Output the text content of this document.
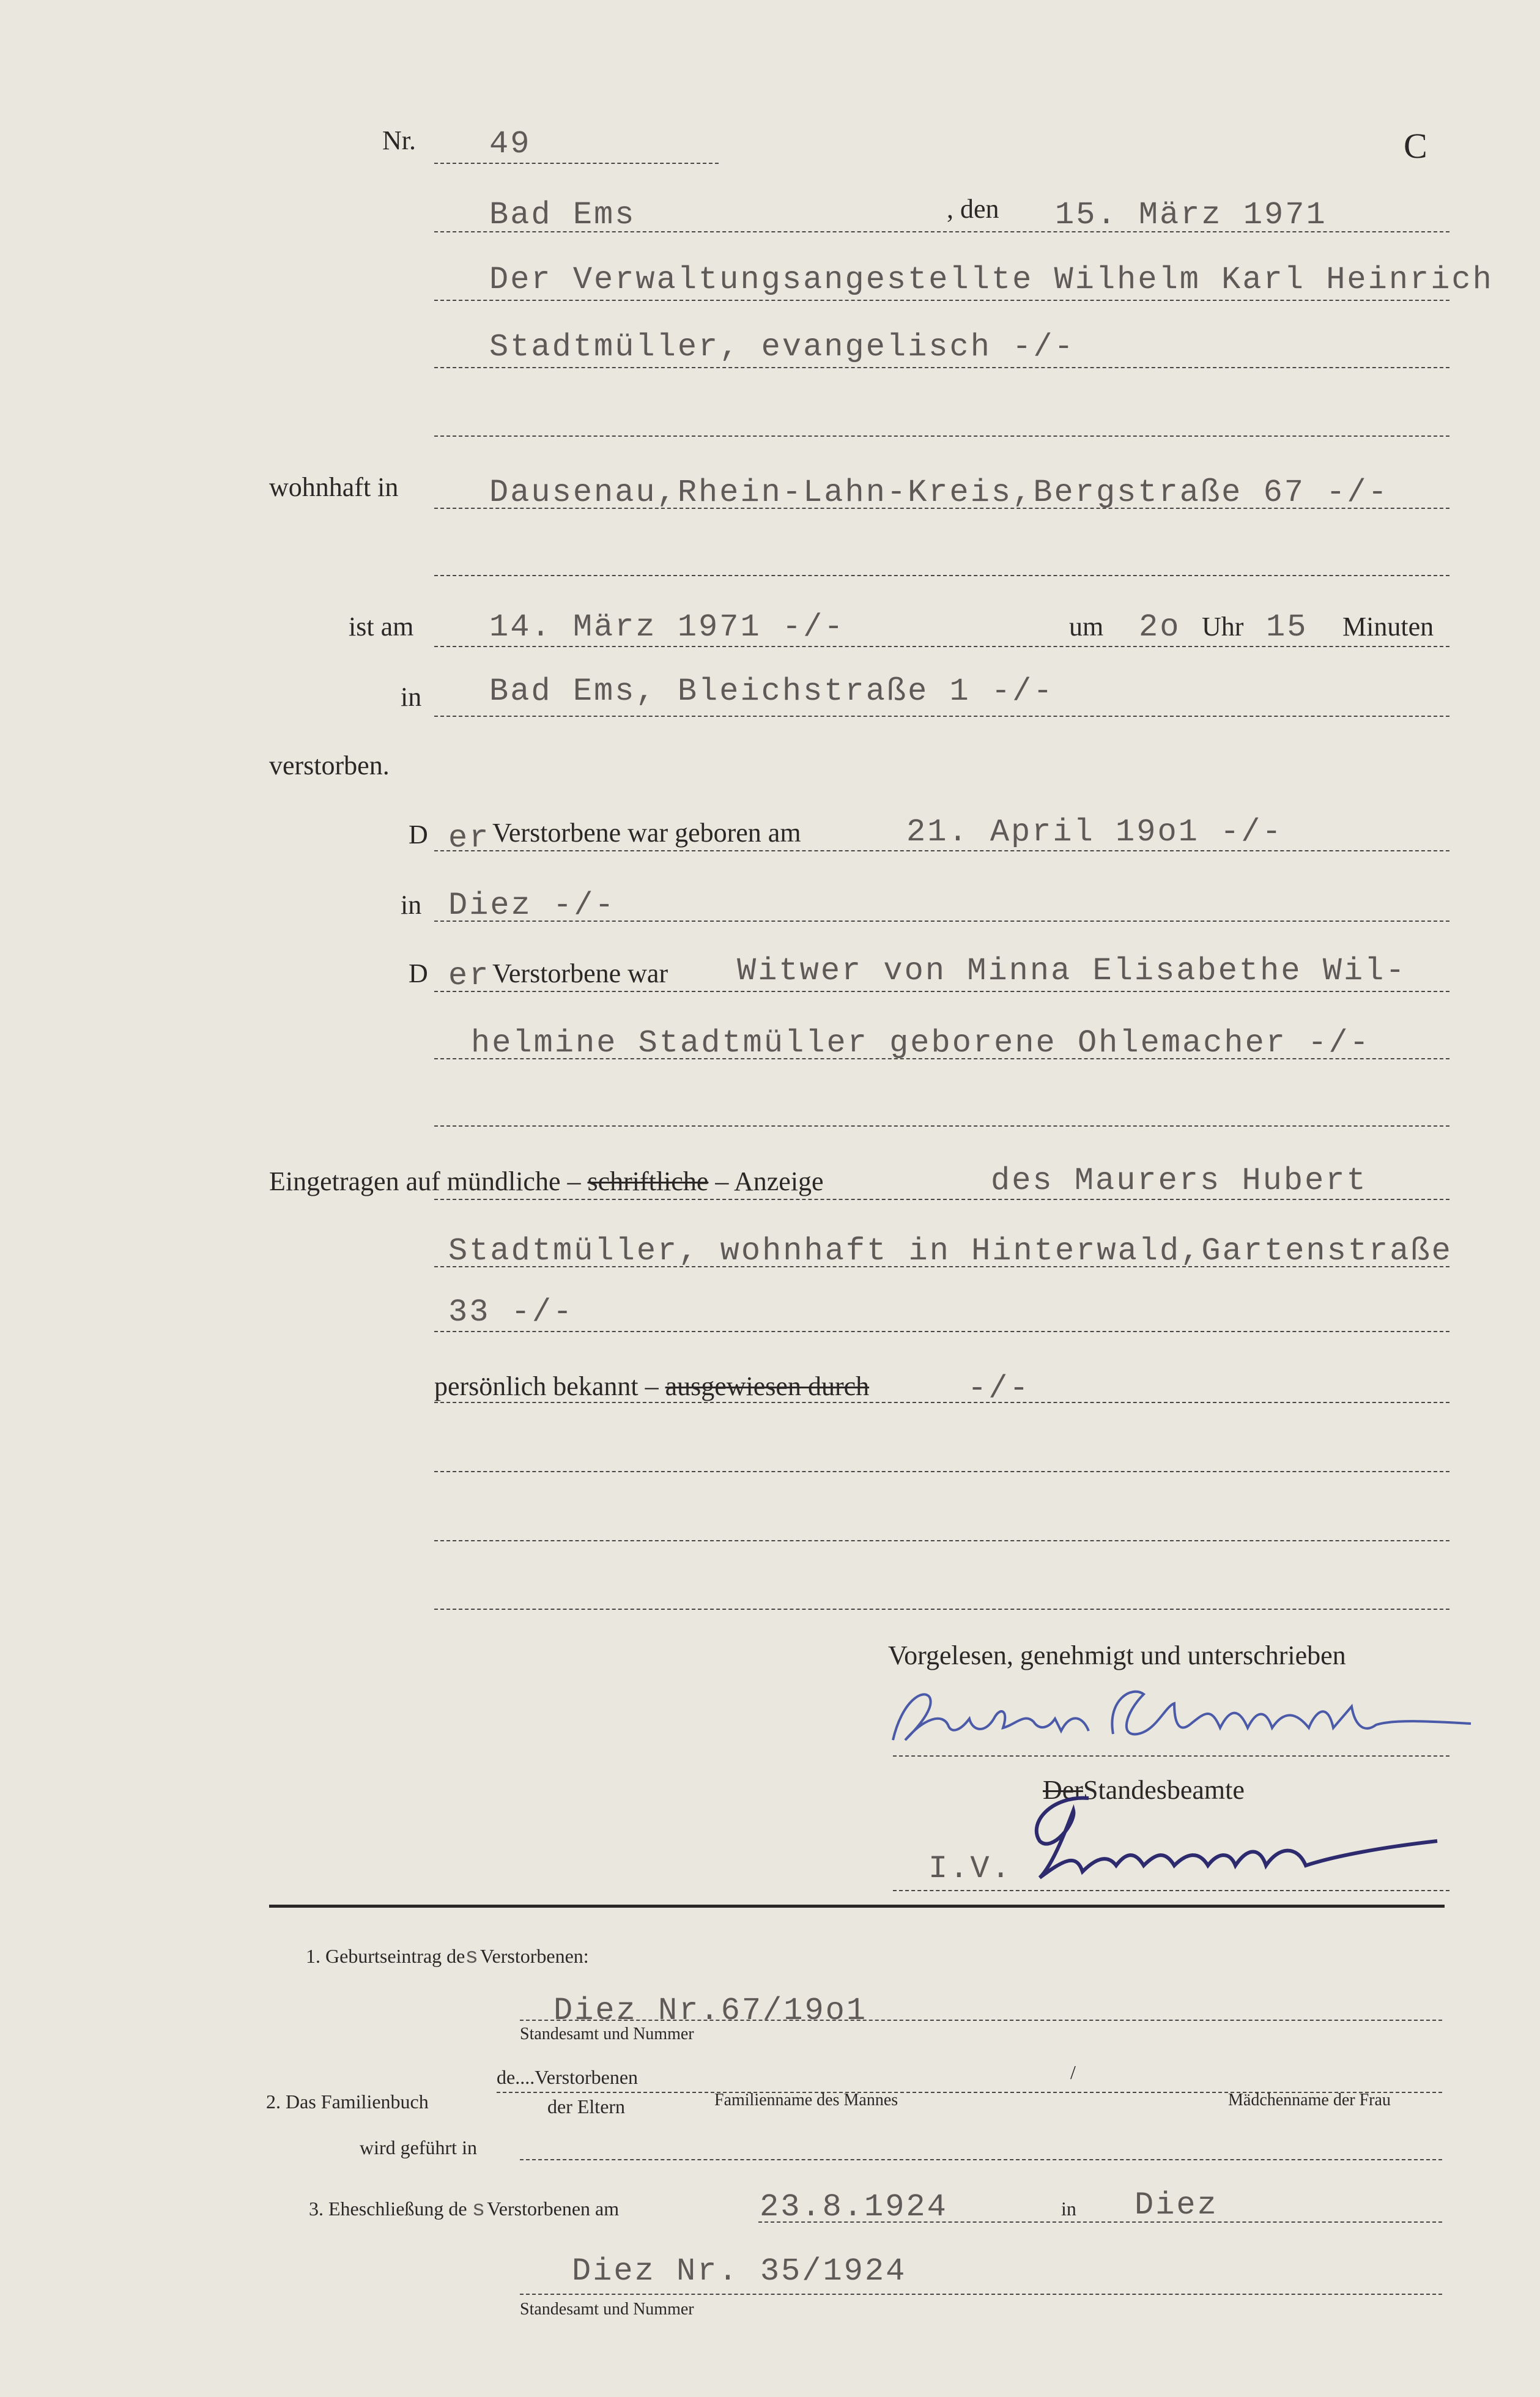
Nr. 49	C
Bad Ems	, den 15. März 1971
Der Verwaltungsangestellte Wilhelm Karl Heinrich
Stadtmüller, evangelisch -/-
wohnhaft in	Dausenau,Rhein-Lahn-Kreis,Bergstraße 67 -/-
ist am 14. März 1971 -/-	um 2o Uhr 15 Minuten
in Bad Ems, Bleichstraße 1 -/-
verstorben.
D er Verstorbene war geboren am	21. April 19o1 -/-
in Diez -/-
D er Verstorbene war Witwer von Minna Elisabethe Wil-
helmine Stadtmüller geborene Ohlemacher -/-
Eingetragen auf mündliche – schriftliche – Anzeige	des Maurers Hubert
Stadtmüller, wohnhaft in Hinterwald,Gartenstraße
33 -/-
persönlich bekannt – ausgewiesen durch	-/-
Vorgelesen, genehmigt und unterschrieben
DerStandesbeamte
I.V.
1. Geburtseintrag desVerstorbenen:
Diez Nr.67/19o1
Standesamt und Nummer
2. Das Familienbuch
de....Verstorbenen
der Eltern	Familienname des Mannes
/
Mädchenname der Frau
wird geführt in
3. Eheschließung de sVerstorbenen am	23.8.1924	in Diez
Diez Nr. 35/1924
Standesamt und Nummer
